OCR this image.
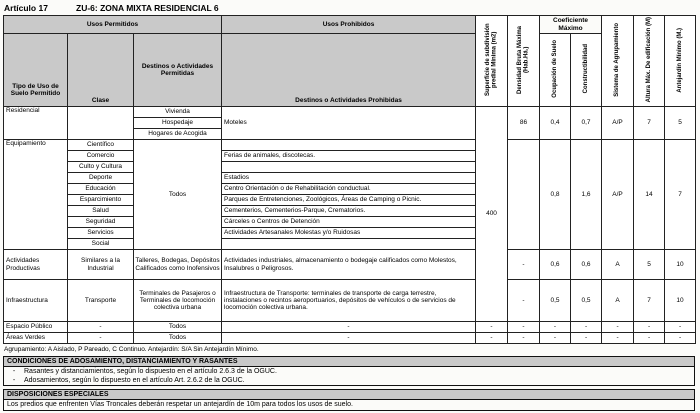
Artículo 17	ZU-6: ZONA MIXTA RESIDENCIAL 6
Usos Permitidos			Usos Prohibidos	Superficie de subdivisión predial Mínima (m2)	Densidad Bruta Máxima (Hab.Há.)	Coeficiente Máximo		Sistema de Agrupamiento	Altura Máx. De edificación (M)	Antejardín Mínimo (M.)
Tipo de Uso de Suelo Permitido	Clase	Destinos o Actividades Permitidas	Destinos o Actividades Prohibidas			Ocupación de Suelo	Constructibilidad			
Residencial		Vivienda	Moteles	400	86	0,4	0,7	A/P	7	5
		Hospedaje								
		Hogares de Acogida								
Equipamiento	Científico	Todos				0,8	1,6	A/P	14	7
	Comercio		Ferias de animales, discotecas.							
	Culto y Cultura									
	Deporte		Estadios							
	Educación		Centro Orientación o de Rehabilitación conductual.							
	Esparcimiento		Parques de Entretenciones, Zoológicos, Áreas de Camping o Picnic.							
	Salud		Cementerios, Cementerios-Parque, Crematorios.							
	Seguridad		Cárceles o Centros de Detención							
	Servicios		Actividades Artesanales Molestas y/o Ruidosas							
	Social									
Actividades Productivas	Similares a la Industrial	Talleres, Bodegas, Depósitos Calificados como Inofensivos	Actividades industriales, almacenamiento o bodegaje calificados como Molestos, Insalubres o Peligrosos.		-	0,6	0,6	A	5	10
Infraestructura	Transporte	Terminales de Pasajeros o Terminales de locomoción colectiva urbana	Infraestructura de Transporte: terminales de transporte de carga terrestre, instalaciones o recintos aeroportuarios, depósitos de vehículos o de servicios de locomoción colectiva urbana.		-	0,5	0,5	A	7	10
Espacio Público	-	Todos	-	-	-	-	-	-	-	-
Áreas Verdes	-	Todos	-	-	-	-	-	-	-	-
Agrupamiento: A Aislado, P Pareado, C Continuo. Antejardín: S/A Sin Antejardín Mínimo.
CONDICIONES DE ADOSAMIENTO, DISTANCIAMIENTO Y RASANTES
-	Rasantes y distanciamientos, según lo dispuesto en el artículo 2.6.3 de la OGUC.
-	Adosamientos, según lo dispuesto en el artículo Art. 2.6.2 de la OGUC.
DISPOSICIONES ESPECIALES
Los predios que enfrenten Vías Troncales deberán respetar un antejardín de 10m para todos los usos de suelo.
